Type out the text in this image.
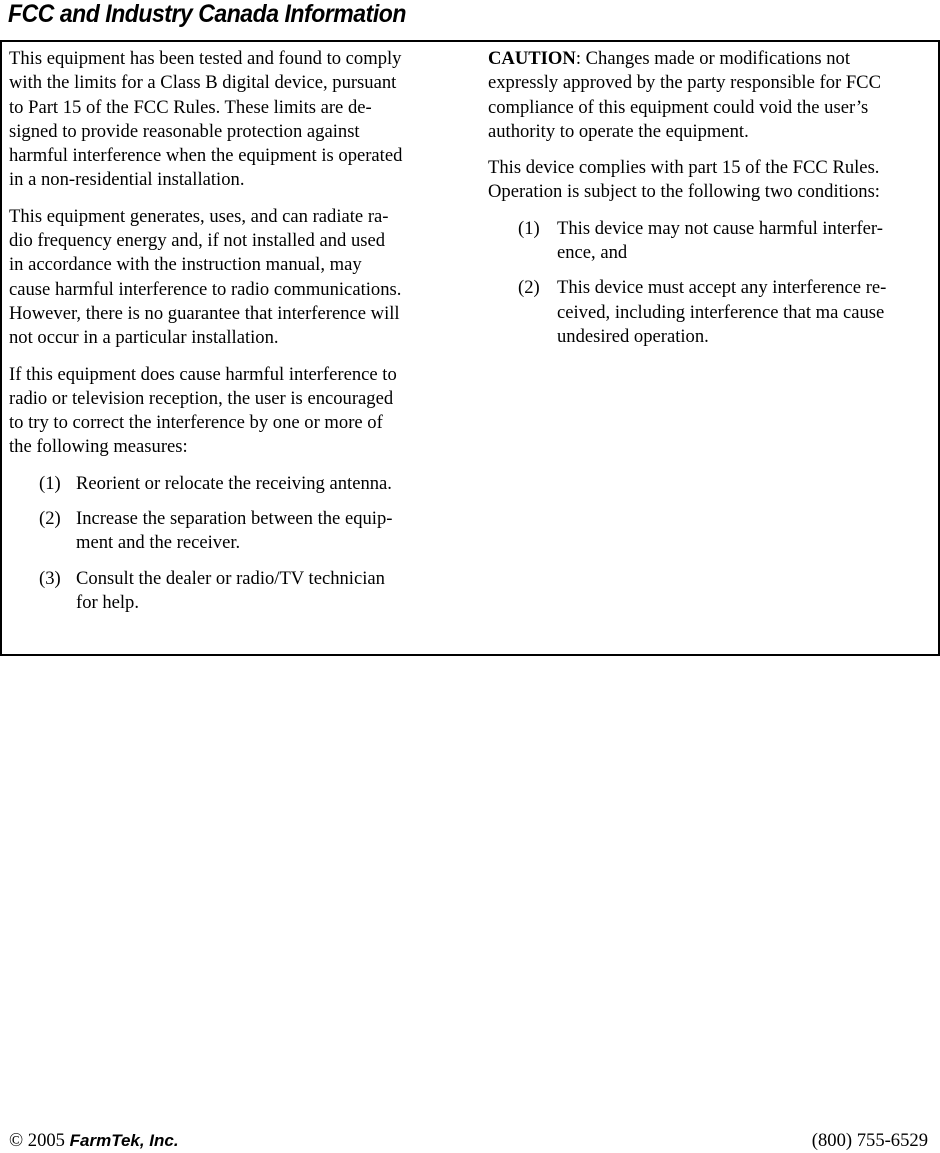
FCC and Industry Canada Information

This equipment has been tested and found to comply
with the limits for a Class B digital device, pursuant
to Part 15 of the FCC Rules. These limits are de-
signed to provide reasonable protection against
harmful interference when the equipment is operated
in a non-residential installation.

This equipment generates, uses, and can radiate ra-
dio frequency energy and, if not installed and used
in accordance with the instruction manual, may
cause harmful interference to radio communications.
However, there is no guarantee that interference will
not occur in a particular installation.

If this equipment does cause harmful interference to
radio or television reception, the user is encouraged
to try to correct the interference by one or more of
the following measures:

(1) Reorient or relocate the receiving antenna.
(2) Increase the separation between the equip-
ment and the receiver.
(3) Consult the dealer or radio/TV technician
for help.

CAUTION: Changes made or modifications not
expressly approved by the party responsible for FCC
compliance of this equipment could void the user’s
authority to operate the equipment.

This device complies with part 15 of the FCC Rules.
Operation is subject to the following two conditions:

(1) This device may not cause harmful interfer-
ence, and
(2) This device must accept any interference re-
ceived, including interference that ma cause
undesired operation.
© 2005 FarmTek, Inc.	(800) 755-6529
